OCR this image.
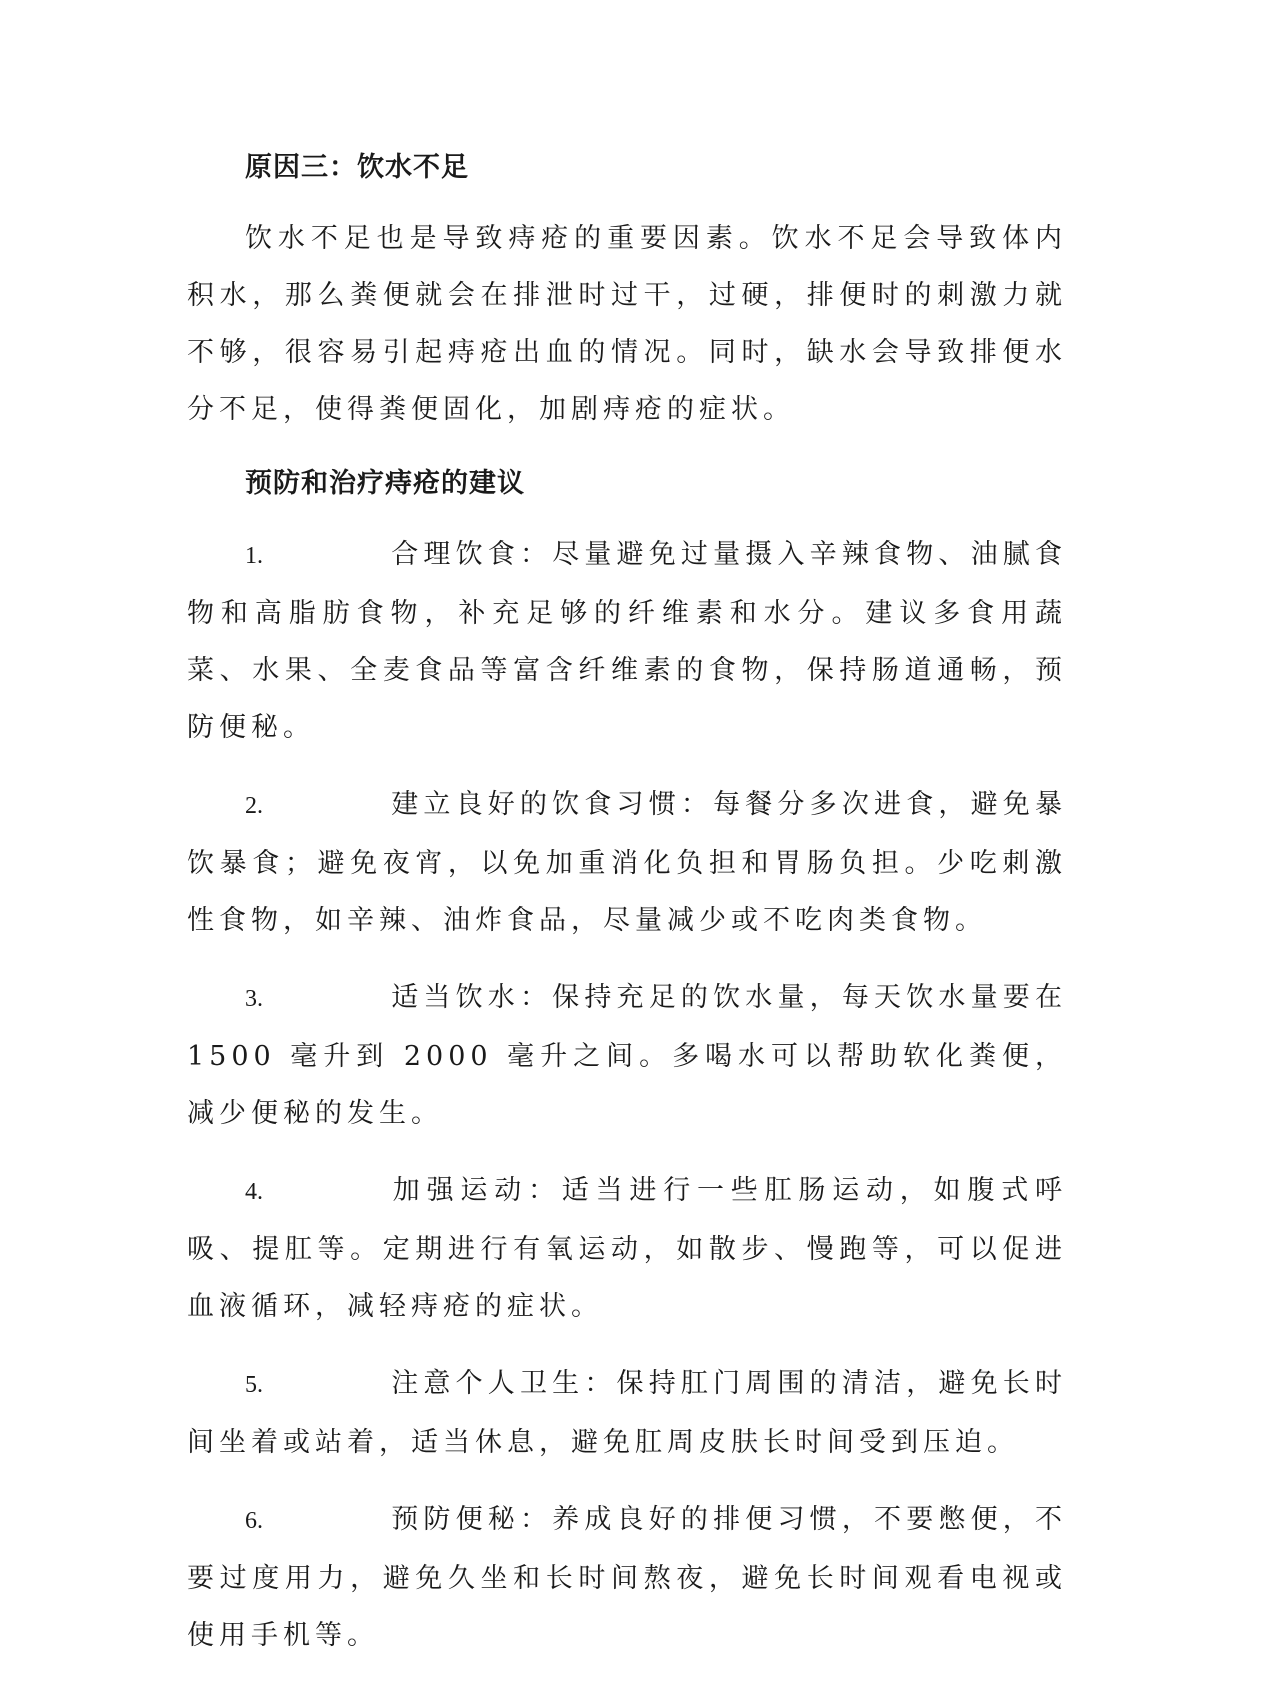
原因三：饮水不足

饮水不足也是导致痔疮的重要因素。饮水不足会导致体内积水，那么粪便就会在排泄时过干，过硬，排便时的刺激力就不够，很容易引起痔疮出血的情况。同时，缺水会导致排便水分不足，使得粪便固化，加剧痔疮的症状。

预防和治疗痔疮的建议

1.	合理饮食：尽量避免过量摄入辛辣食物、油腻食物和高脂肪食物，补充足够的纤维素和水分。建议多食用蔬菜、水果、全麦食品等富含纤维素的食物，保持肠道通畅，预防便秘。

2.	建立良好的饮食习惯：每餐分多次进食，避免暴饮暴食；避免夜宵，以免加重消化负担和胃肠负担。少吃刺激性食物，如辛辣、油炸食品，尽量减少或不吃肉类食物。

3.	适当饮水：保持充足的饮水量，每天饮水量要在 1500 毫升到 2000 毫升之间。多喝水可以帮助软化粪便，减少便秘的发生。

4.	加强运动：适当进行一些肛肠运动，如腹式呼吸、提肛等。定期进行有氧运动，如散步、慢跑等，可以促进血液循环，减轻痔疮的症状。

5.	注意个人卫生：保持肛门周围的清洁，避免长时间坐着或站着，适当休息，避免肛周皮肤长时间受到压迫。

6.	预防便秘：养成良好的排便习惯，不要憋便，不要过度用力，避免久坐和长时间熬夜，避免长时间观看电视或使用手机等。
